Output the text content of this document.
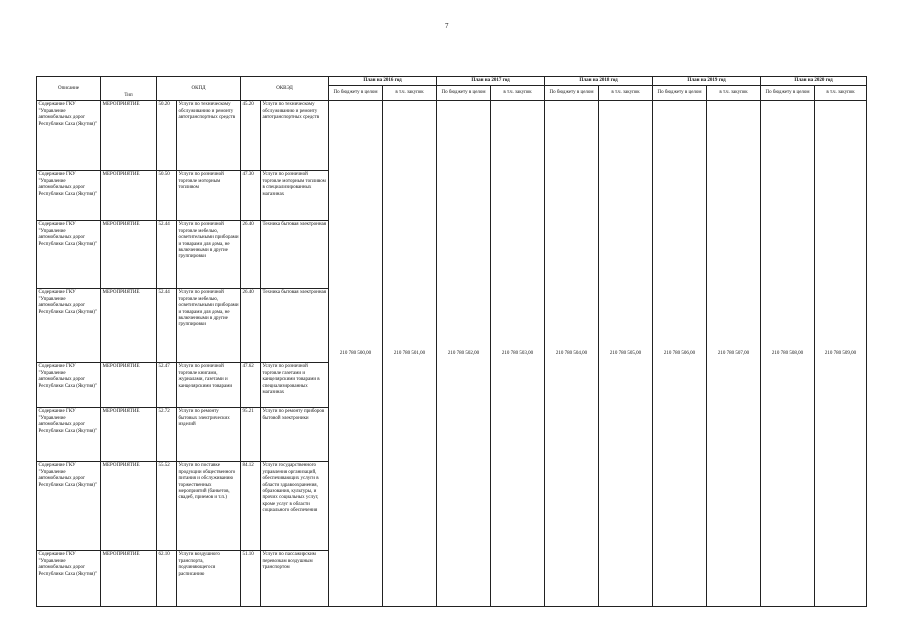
7
Описание	Тип	ОКПД		ОКВЭД		План на 2016 год		План на 2017 год		План на 2018 год		План на 2019 год		План на 2020 год	
						По бюджету в целом	в т.ч. закупок	По бюджету в целом	в т.ч. закупок	По бюджету в целом	в т.ч. закупок	По бюджету в целом	в т.ч. закупок	По бюджету в целом	в т.ч. закупок
Содержание ГКУ "Управление автомобильных дорог Республики Саха (Якутия)"	МЕРОПРИЯТИЕ	50.20	Услуги по техническому обслуживанию и ремонту автотранспортных средств	45.20	Услуги по техническому обслуживанию и ремонту автотранспортных средств	210 780 500,00	210 780 501,00	210 780 502,00	210 780 503,00	210 780 504,00	210 780 505,00	210 780 506,00	210 780 507,00	210 780 508,00	210 780 509,00
Содержание ГКУ "Управление автомобильных дорог Республики Саха (Якутия)"	МЕРОПРИЯТИЕ	50.50	Услуги по розничной торговле моторным топливом	47.30	Услуги по розничной торговле моторным топливом в специализированных магазинах										
Содержание ГКУ "Управление автомобильных дорог Республики Саха (Якутия)"	МЕРОПРИЯТИЕ	52.44	Услуги по розничной торговле мебелью, осветительными приборами и товарами для дома, не включенными в другие группировки	26.40	Техника бытовая электронная										
Содержание ГКУ "Управление автомобильных дорог Республики Саха (Якутия)"	МЕРОПРИЯТИЕ	52.44	Услуги по розничной торговле мебелью, осветительными приборами и товарами для дома, не включенными в другие группировки	26.40	Техника бытовая электронная										
Содержание ГКУ "Управление автомобильных дорог Республики Саха (Якутия)"	МЕРОПРИЯТИЕ	52.47	Услуги по розничной торговле книгами, журналами, газетами и канцелярскими товарами	47.62	Услуги по розничной торговле газетами и канцелярскими товарами в специализированных магазинах										
Содержание ГКУ "Управление автомобильных дорог Республики Саха (Якутия)"	МЕРОПРИЯТИЕ	52.72	Услуги по ремонту бытовых электрических изделий	95.21	Услуги по ремонту приборов бытовой электроники										
Содержание ГКУ "Управление автомобильных дорог Республики Саха (Якутия)"	МЕРОПРИЯТИЕ	55.52	Услуги по поставке продукции общественного питания и обслуживанию торжественных мероприятий (банкетов, свадеб, приемов и т.п.)	84.12	Услуги государственного управления организаций, обеспечивающих услуги в области здравоохранения, образования, культуры, и прочих социальных услуг, кроме услуг в области социального обеспечения										
Содержание ГКУ "Управление автомобильных дорог Республики Саха (Якутия)"	МЕРОПРИЯТИЕ	62.10	Услуги воздушного транспорта, подчиняющегося расписанию	51.10	Услуги по пассажирским перевозкам воздушным транспортом										
